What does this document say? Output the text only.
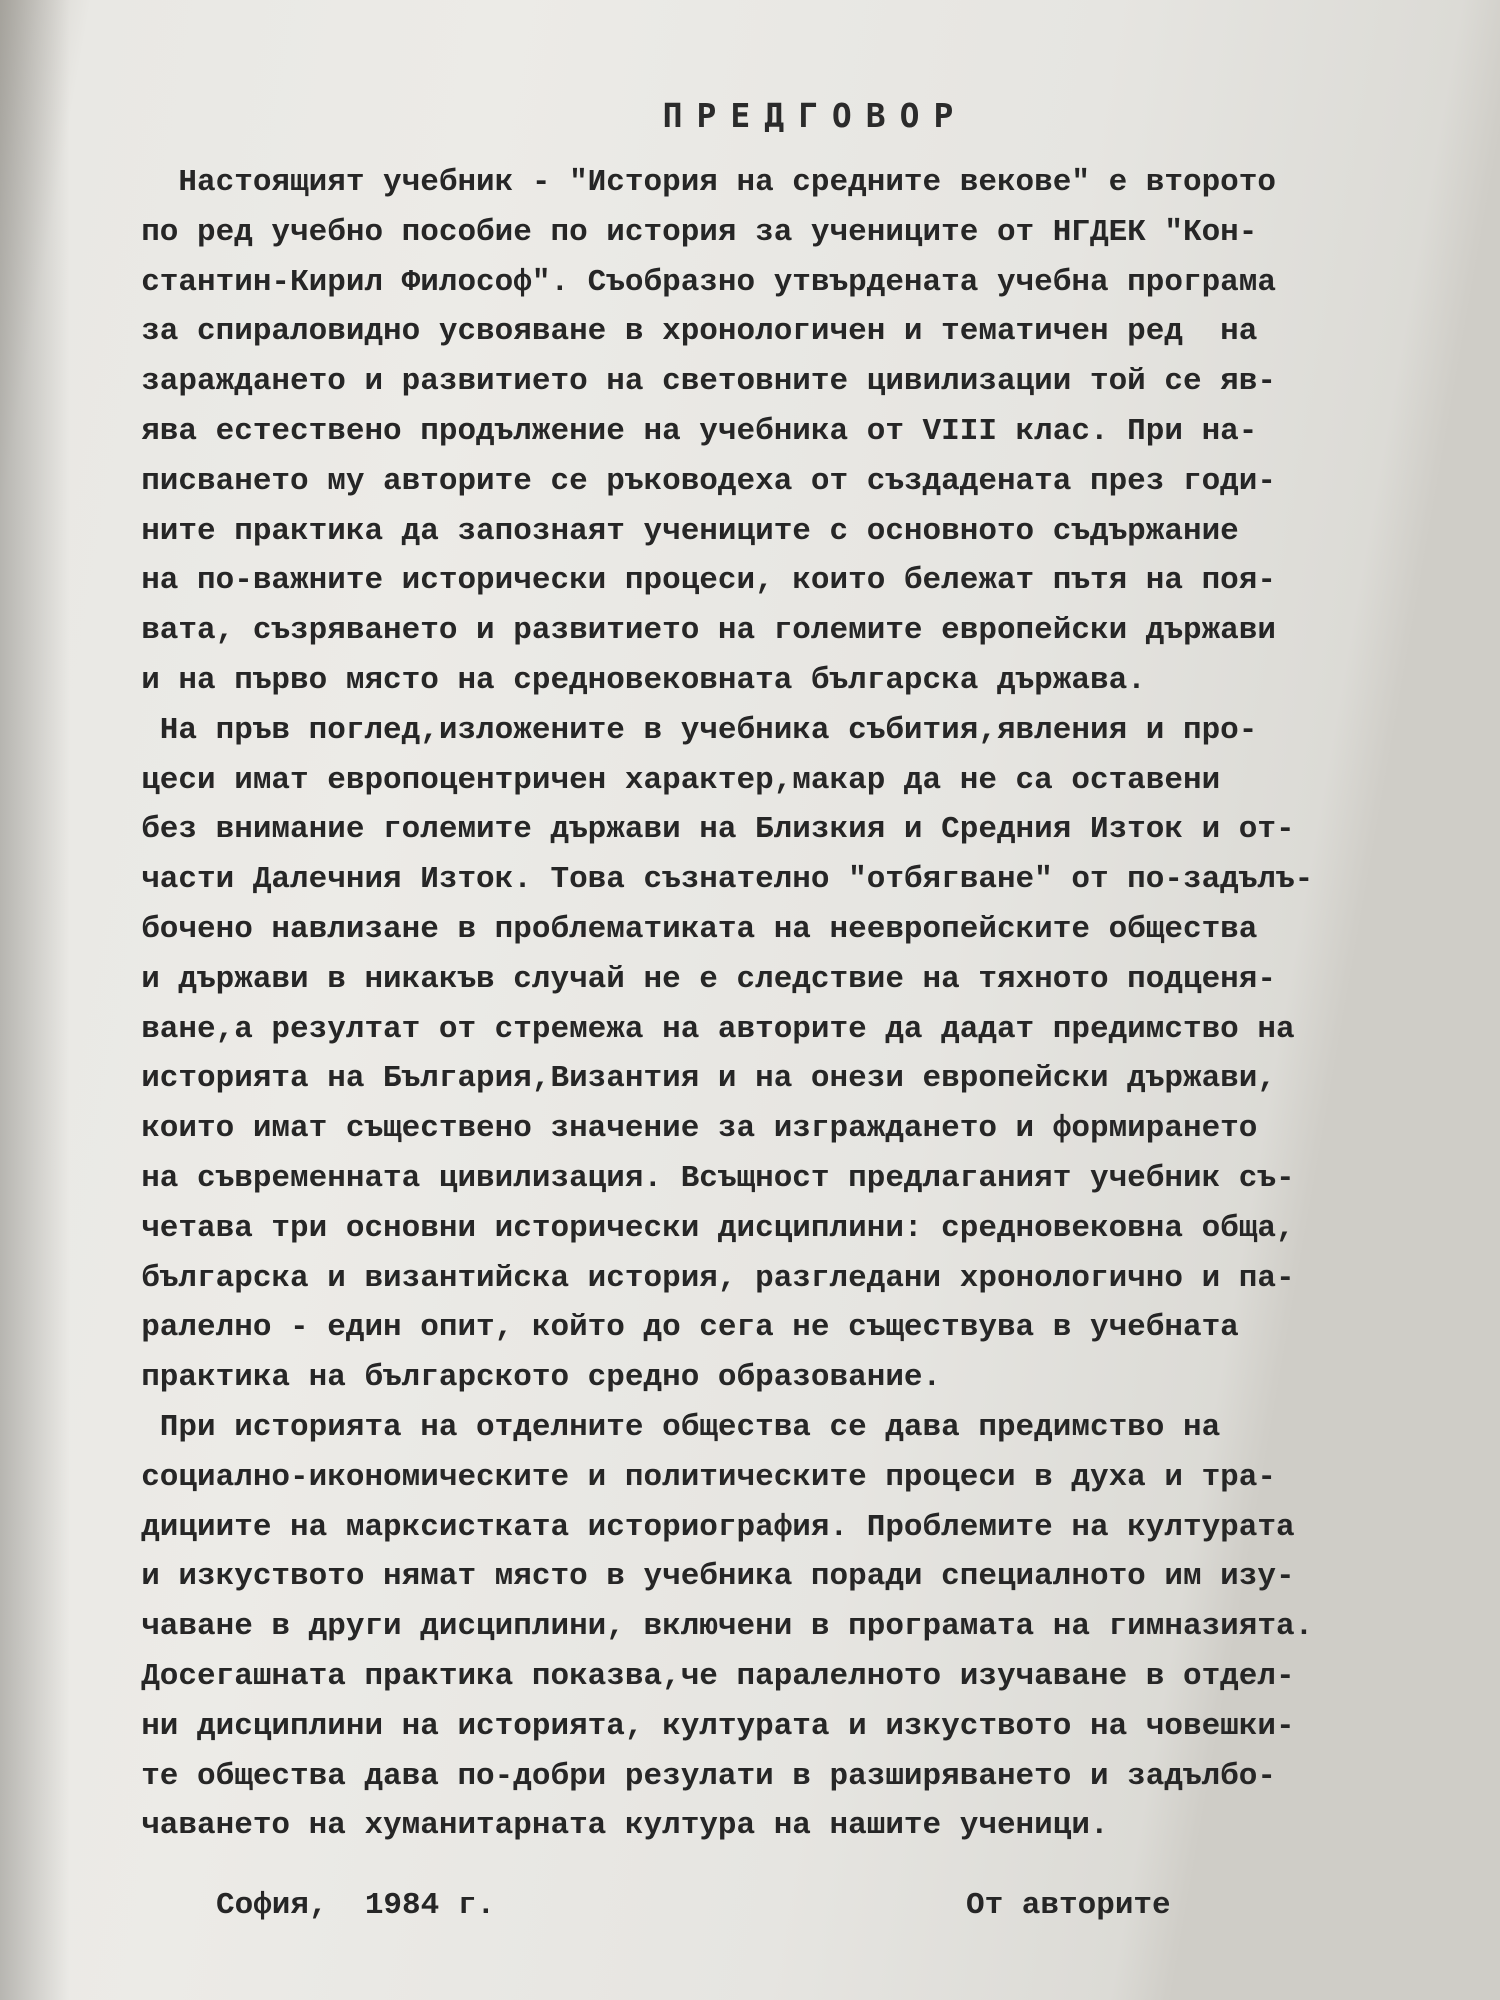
ПРЕДГОВОР
Настоящият учебник - "История на средните векове" е второто
по ред учебно пособие по история за учениците от НГДЕК "Кон-
стантин-Кирил Философ". Съобразно утвърдената учебна програма
за спираловидно усвояване в хронологичен и тематичен ред  на
зараждането и развитието на световните цивилизации той се яв-
ява естествено продължение на учебника от VIII клас. При на-
писването му авторите се ръководеха от създадената през годи-
ните практика да запознаят учениците с основното съдържание
на по-важните исторически процеси, които бележат пътя на поя-
вата, съзряването и развитието на големите европейски държави
и на първо място на средновековната българска държава.
На пръв поглед,изложените в учебника събития,явления и про-
цеси имат европоцентричен характер,макар да не са оставени
без внимание големите държави на Близкия и Средния Изток и от-
части Далечния Изток. Това съзнателно "отбягване" от по-задълъ-
бочено навлизане в проблематиката на неевропейските общества
и държави в никакъв случай не е следствие на тяхното подценя-
ване,а резултат от стремежа на авторите да дадат предимство на
историята на България,Византия и на онези европейски държави,
които имат съществено значение за изграждането и формирането
на съвременната цивилизация. Всъщност предлаганият учебник съ-
четава три основни исторически дисциплини: средновековна обща,
българска и византийска история, разгледани хронологично и па-
ралелно - един опит, който до сега не съществува в учебната
практика на българското средно образование.
При историята на отделните общества се дава предимство на
социално-икономическите и политическите процеси в духа и тра-
дициите на марксистката историография. Проблемите на културата
и изкуството нямат място в учебника поради специалното им изу-
чаване в други дисциплини, включени в програмата на гимназията.
Досегашната практика показва,че паралелното изучаване в отдел-
ни дисциплини на историята, културата и изкуството на човешки-
те общества дава по-добри резулати в разширяването и задълбо-
чаването на хуманитарната култура на нашите ученици.
София,  1984 г.	От авторите
